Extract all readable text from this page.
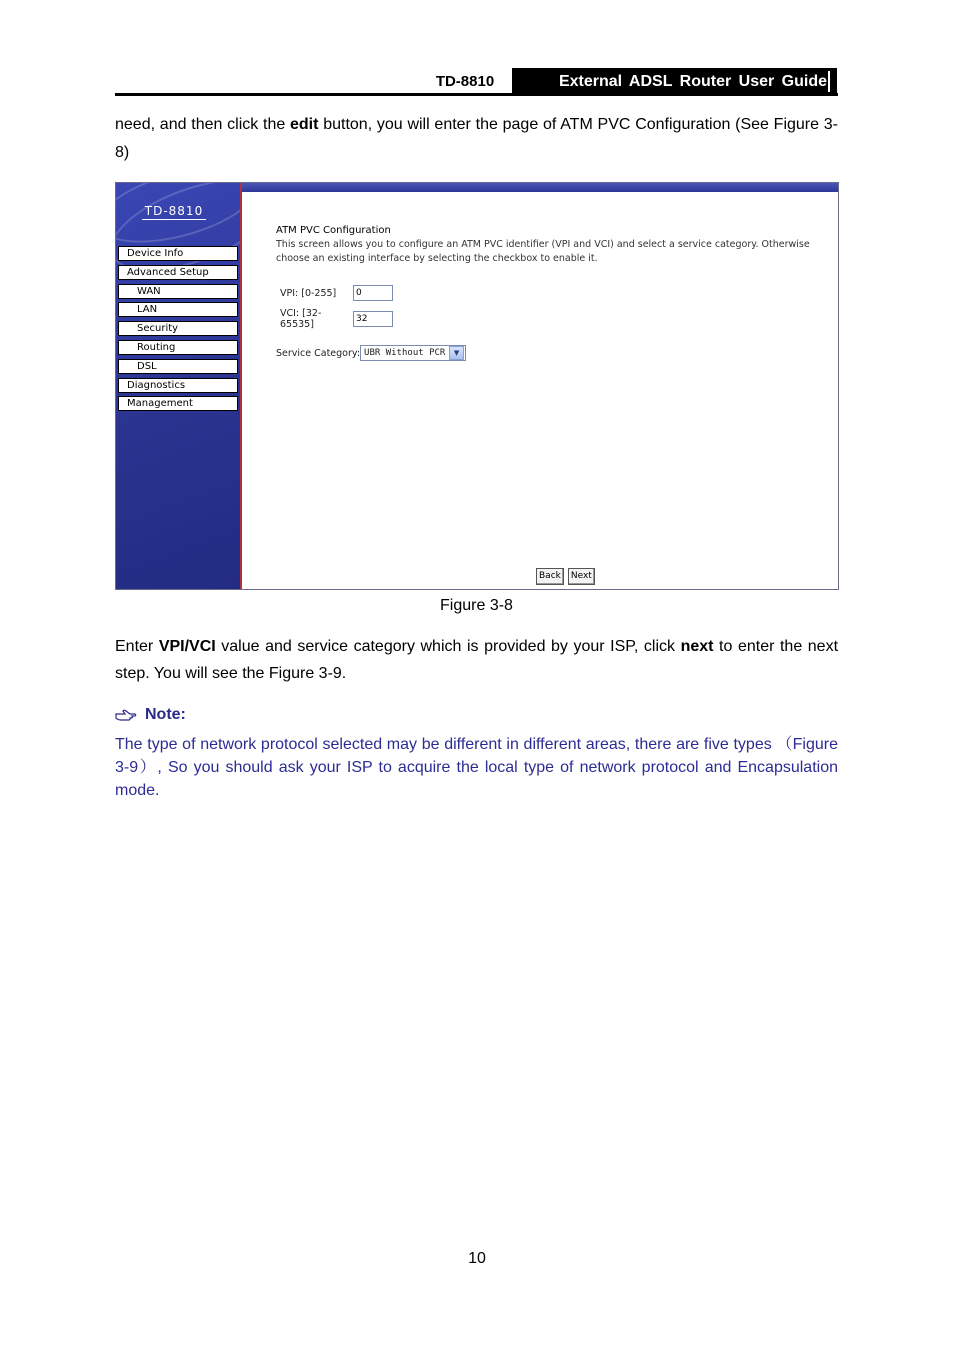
TD-8810	External ADSL Router User Guide
need, and then click the edit button, you will enter the page of ATM PVC Configuration (See Figure 3-8)
TD-8810
Device Info
Advanced Setup
WAN
LAN
Security
Routing
DSL
Diagnostics
Management
ATM PVC Configuration
This screen allows you to configure an ATM PVC identifier (VPI and VCI) and select a service category. Otherwise choose an existing interface by selecting the checkbox to enable it.
VPI: [0-255]
0
VCI: [32-65535]
32
Service Category: UBR Without PCR	▼
Back	Next
Figure 3-8
Enter VPI/VCI value and service category which is provided by your ISP, click next to enter the next step. You will see the Figure 3-9.
Note:
The type of network protocol selected may be different in different areas, there are five types （Figure 3-9）, So you should ask your ISP to acquire the local type of network protocol and Encapsulation mode.
10
